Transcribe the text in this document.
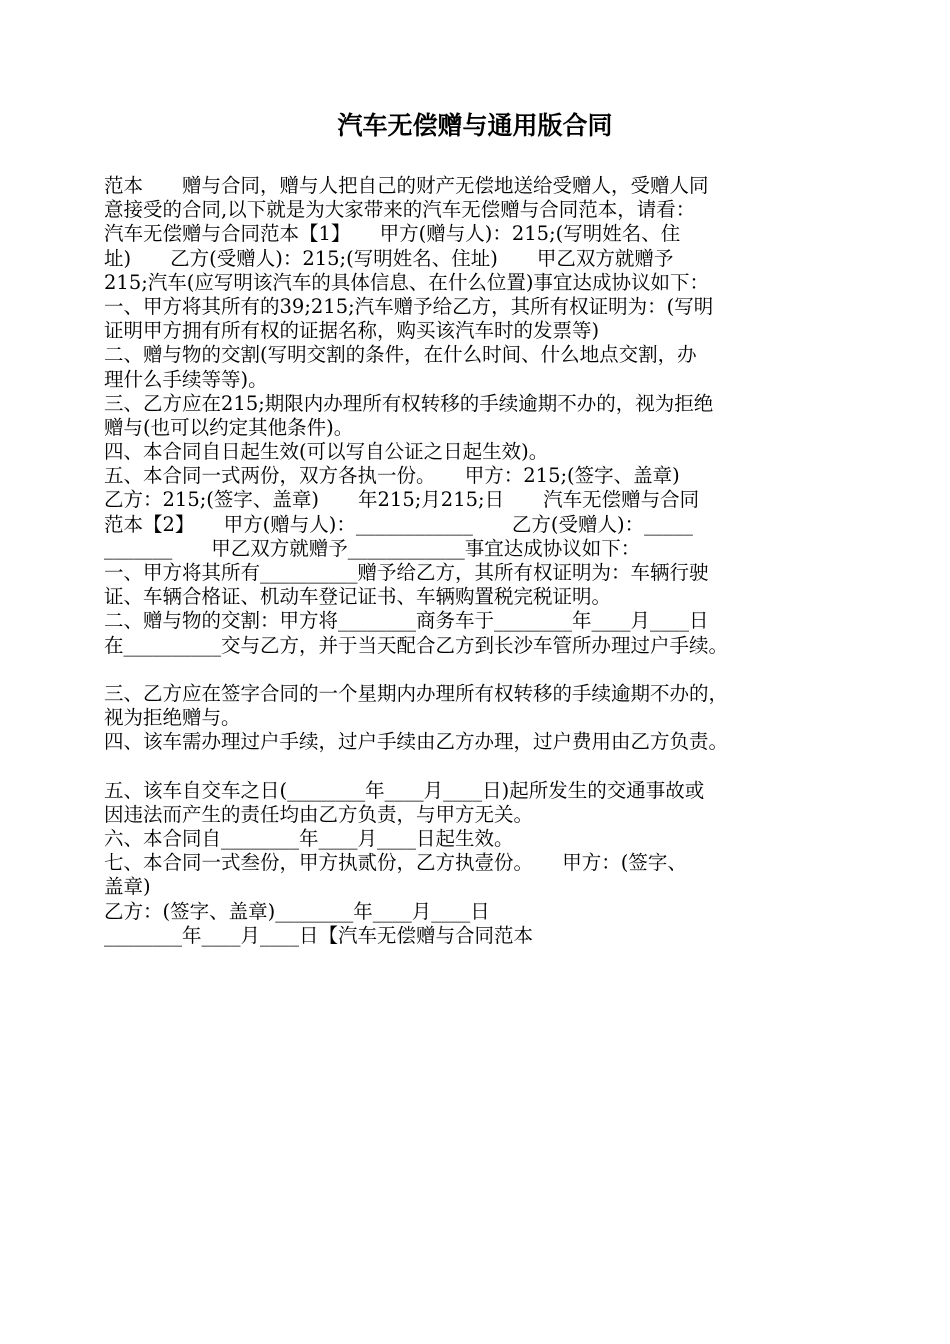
汽车无偿赠与通用版合同
范本　　赠与合同，赠与人把自己的财产无偿地送给受赠人，受赠人同
意接受的合同,以下就是为大家带来的汽车无偿赠与合同范本，请看：
汽车无偿赠与合同范本【1】　　甲方(赠与人)：215;(写明姓名、住
址)　　乙方(受赠人)：215;(写明姓名、住址)　　甲乙双方就赠予
215;汽车(应写明该汽车的具体信息、在什么位置)事宜达成协议如下：
一、甲方将其所有的39;215;汽车赠予给乙方，其所有权证明为：(写明
证明甲方拥有所有权的证据名称，购买该汽车时的发票等)
二、赠与物的交割(写明交割的条件，在什么时间、什么地点交割，办
理什么手续等等)。
三、乙方应在215;期限内办理所有权转移的手续逾期不办的，视为拒绝
赠与(也可以约定其他条件)。
四、本合同自日起生效(可以写自公证之日起生效)。
五、本合同一式两份，双方各执一份。　　甲方：215;(签字、盖章)
乙方：215;(签字、盖章)　　年215;月215;日　　汽车无偿赠与合同
范本【2】　　甲方(赠与人)：____________　　乙方(受赠人)：_____
_______　　甲乙双方就赠予____________事宜达成协议如下：
一、甲方将其所有__________赠予给乙方，其所有权证明为：车辆行驶
证、车辆合格证、机动车登记证书、车辆购置税完税证明。
二、赠与物的交割：甲方将________商务车于________年____月____日
在__________交与乙方，并于当天配合乙方到长沙车管所办理过户手续。
三、乙方应在签字合同的一个星期内办理所有权转移的手续逾期不办的，
视为拒绝赠与。
四、该车需办理过户手续，过户手续由乙方办理，过户费用由乙方负责。
五、该车自交车之日(________年____月____日)起所发生的交通事故或
因违法而产生的责任均由乙方负责，与甲方无关。
六、本合同自________年____月____日起生效。
七、本合同一式叁份，甲方执贰份，乙方执壹份。　　甲方：(签字、
盖章)
乙方：(签字、盖章)________年____月____日
________年____月____日【汽车无偿赠与合同范本
